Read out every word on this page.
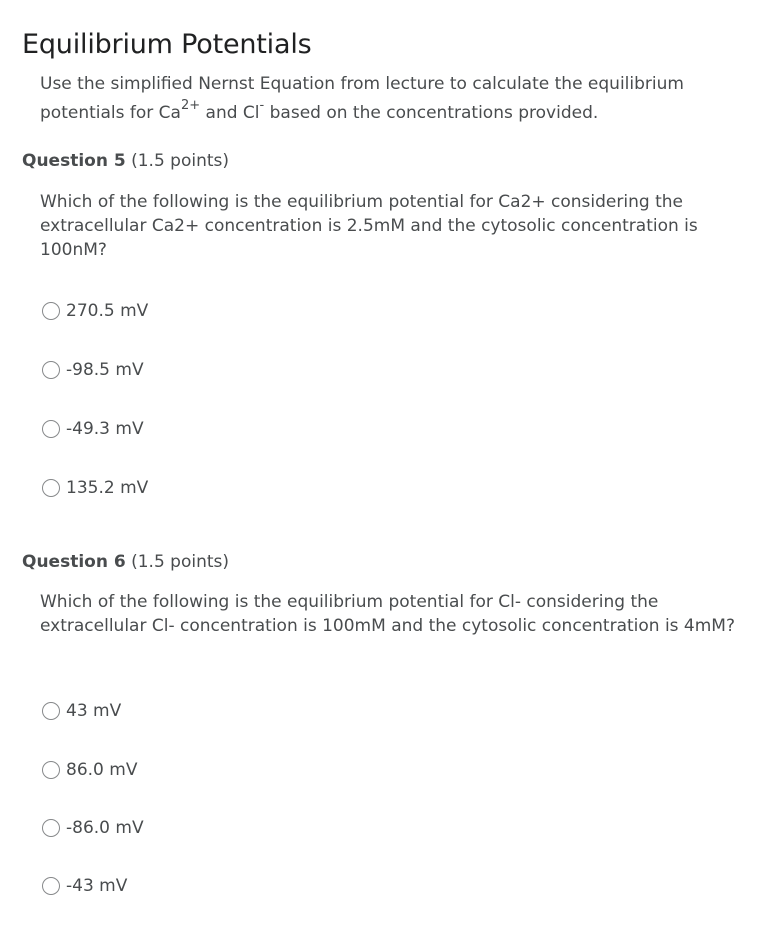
Equilibrium Potentials
Use the simplified Nernst Equation from lecture to calculate the equilibrium potentials for $Ca^{2+}$ and Cl- based on the concentrations provided.
Question 5 (1.5 points)
Which of the following is the equilibrium potential for Ca2+ considering the extracellular Ca2+ concentration is 2.5mM and the cytosolic concentration is 100nM?
270.5 mV
-98.5 mV
-49.3 mV
135.2 mV
Question 6 (1.5 points)
Which of the following is the equilibrium potential for Cl- considering the extracellular Cl- concentration is 100mM and the cytosolic concentration is 4mM?
43 mV
86.0 mV
-86.0 mV
-43 mV
